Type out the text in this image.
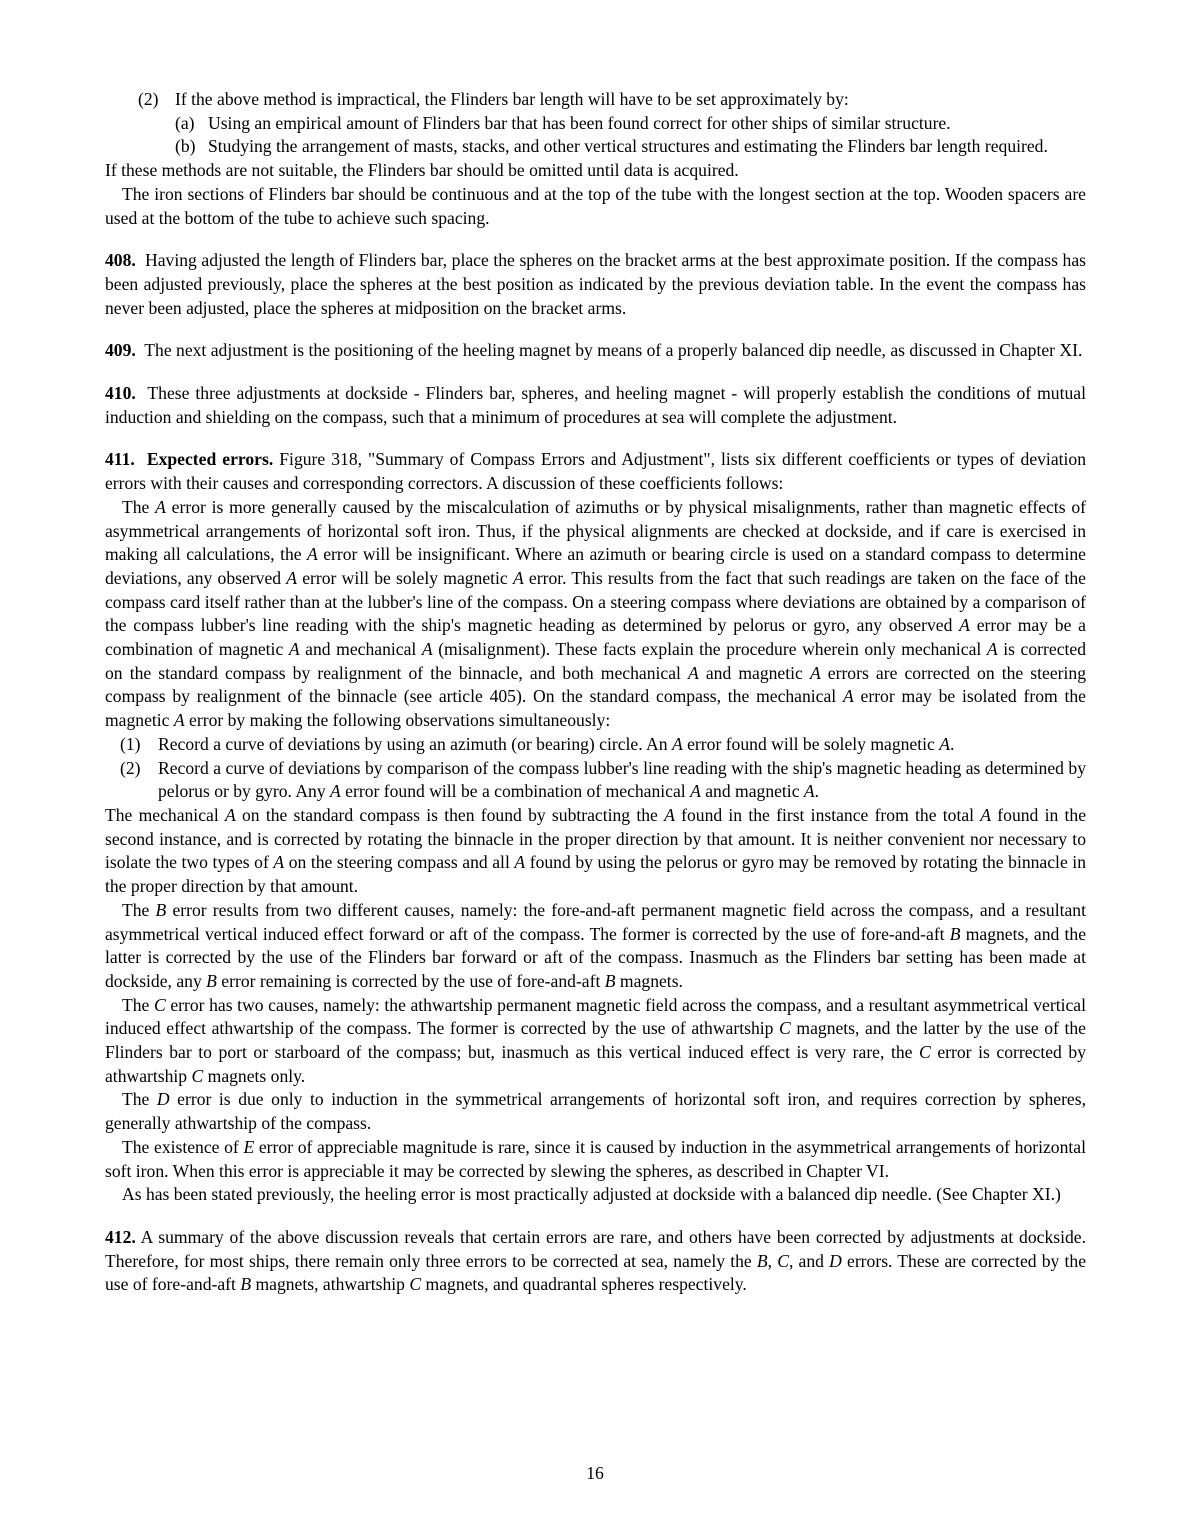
(2) If the above method is impractical, the Flinders bar length will have to be set approximately by:

(a) Using an empirical amount of Flinders bar that has been found correct for other ships of similar structure.

(b) Studying the arrangement of masts, stacks, and other vertical structures and estimating the Flinders bar length required.

If these methods are not suitable, the Flinders bar should be omitted until data is acquired.

The iron sections of Flinders bar should be continuous and at the top of the tube with the longest section at the top. Wooden spacers are used at the bottom of the tube to achieve such spacing.

408.  Having adjusted the length of Flinders bar, place the spheres on the bracket arms at the best approximate position. If the compass has been adjusted previously, place the spheres at the best position as indicated by the previous deviation table. In the event the compass has never been adjusted, place the spheres at midposition on the bracket arms.

409.  The next adjustment is the positioning of the heeling magnet by means of a properly balanced dip needle, as discussed in Chapter XI.

410.  These three adjustments at dockside - Flinders bar, spheres, and heeling magnet - will properly establish the conditions of mutual induction and shielding on the compass, such that a minimum of procedures at sea will complete the adjustment.

411.  Expected errors. Figure 318, "Summary of Compass Errors and Adjustment", lists six different coefficients or types of deviation errors with their causes and corresponding correctors. A discussion of these coefficients follows:

The A error is more generally caused by the miscalculation of azimuths or by physical misalignments, rather than magnetic effects of asymmetrical arrangements of horizontal soft iron. Thus, if the physical alignments are checked at dockside, and if care is exercised in making all calculations, the A error will be insignificant. Where an azimuth or bearing circle is used on a standard compass to determine deviations, any observed A error will be solely magnetic A error. This results from the fact that such readings are taken on the face of the compass card itself rather than at the lubber's line of the compass. On a steering compass where deviations are obtained by a comparison of the compass lubber's line reading with the ship's magnetic heading as determined by pelorus or gyro, any observed A error may be a combination of magnetic A and mechanical A (misalignment). These facts explain the procedure wherein only mechanical A is corrected on the standard compass by realignment of the binnacle, and both mechanical A and magnetic A errors are corrected on the steering compass by realignment of the binnacle (see article 405). On the standard compass, the mechanical A error may be isolated from the magnetic A error by making the following observations simultaneously:

(1) Record a curve of deviations by using an azimuth (or bearing) circle. An A error found will be solely magnetic A.

(2) Record a curve of deviations by comparison of the compass lubber's line reading with the ship's magnetic heading as determined by pelorus or by gyro. Any A error found will be a combination of mechanical A and magnetic A.

The mechanical A on the standard compass is then found by subtracting the A found in the first instance from the total A found in the second instance, and is corrected by rotating the binnacle in the proper direction by that amount. It is neither convenient nor necessary to isolate the two types of A on the steering compass and all A found by using the pelorus or gyro may be removed by rotating the binnacle in the proper direction by that amount.

The B error results from two different causes, namely: the fore-and-aft permanent magnetic field across the compass, and a resultant asymmetrical vertical induced effect forward or aft of the compass. The former is corrected by the use of fore-and-aft B magnets, and the latter is corrected by the use of the Flinders bar forward or aft of the compass. Inasmuch as the Flinders bar setting has been made at dockside, any B error remaining is corrected by the use of fore-and-aft B magnets.

The C error has two causes, namely: the athwartship permanent magnetic field across the compass, and a resultant asymmetrical vertical induced effect athwartship of the compass. The former is corrected by the use of athwartship C magnets, and the latter by the use of the Flinders bar to port or starboard of the compass; but, inasmuch as this vertical induced effect is very rare, the C error is corrected by athwartship C magnets only.

The D error is due only to induction in the symmetrical arrangements of horizontal soft iron, and requires correction by spheres, generally athwartship of the compass.

The existence of E error of appreciable magnitude is rare, since it is caused by induction in the asymmetrical arrangements of horizontal soft iron. When this error is appreciable it may be corrected by slewing the spheres, as described in Chapter VI.

As has been stated previously, the heeling error is most practically adjusted at dockside with a balanced dip needle. (See Chapter XI.)

412. A summary of the above discussion reveals that certain errors are rare, and others have been corrected by adjustments at dockside. Therefore, for most ships, there remain only three errors to be corrected at sea, namely the B, C, and D errors. These are corrected by the use of fore-and-aft B magnets, athwartship C magnets, and quadrantal spheres respectively.

16
